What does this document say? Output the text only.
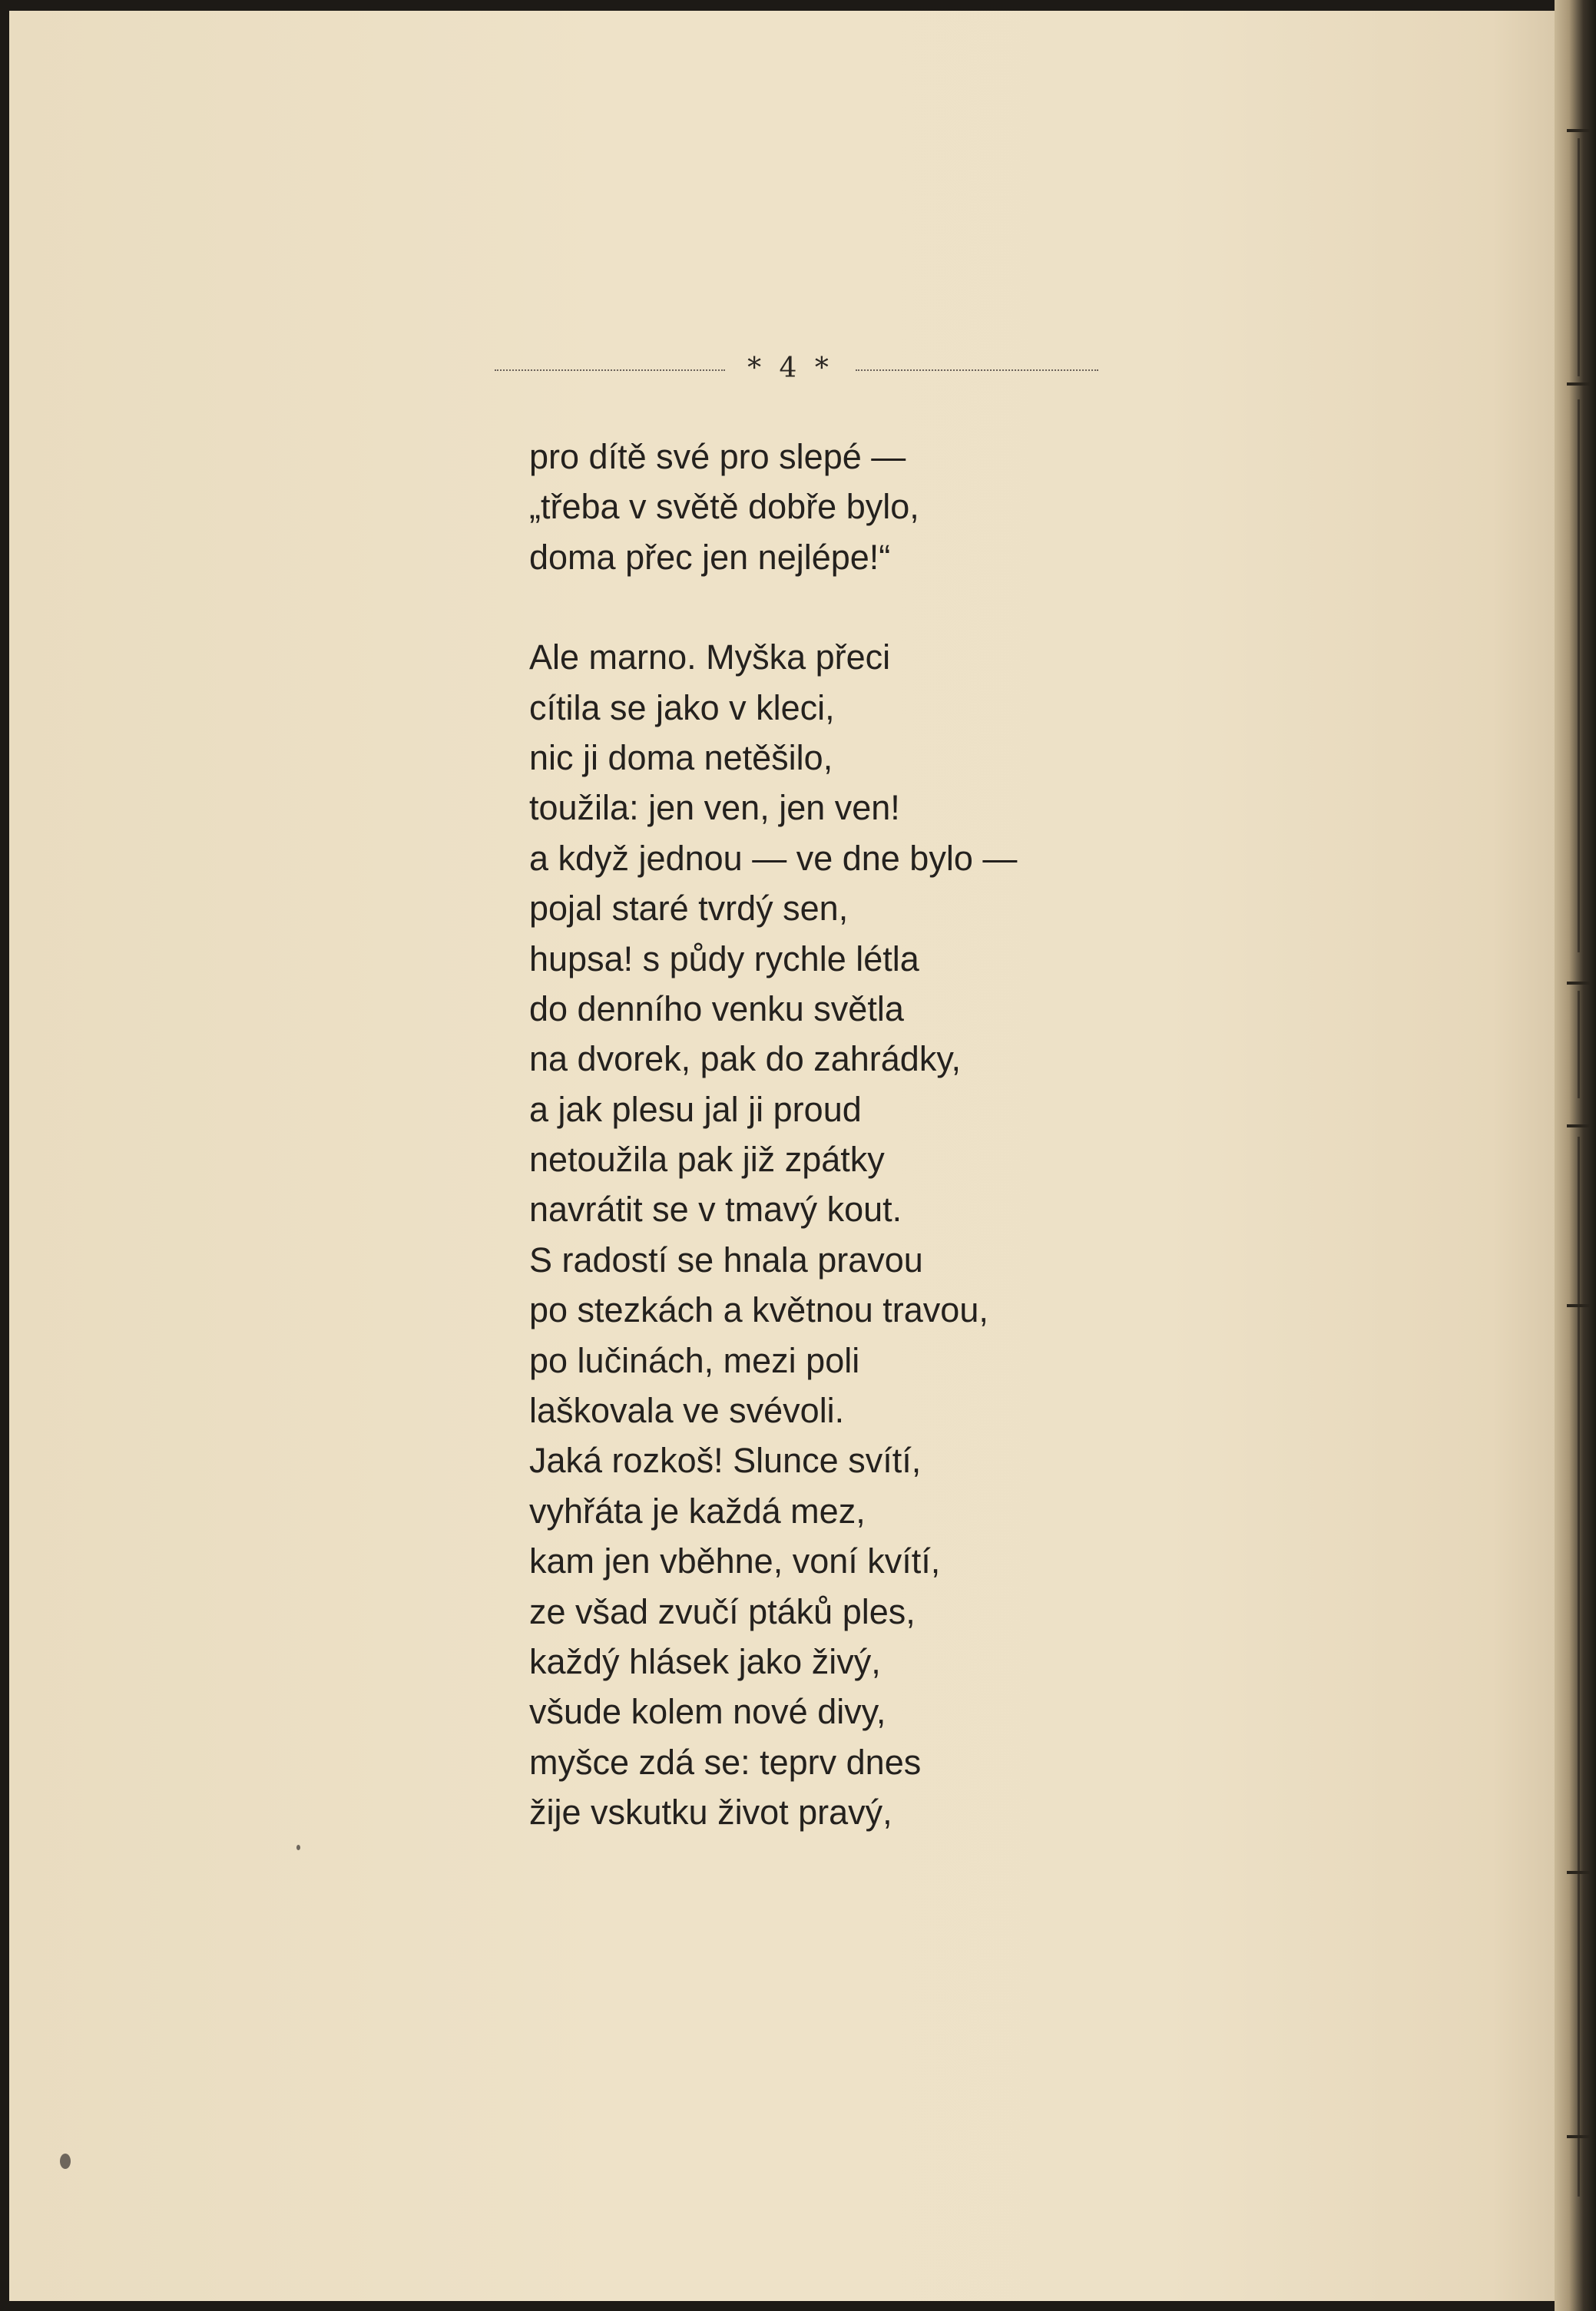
* 4 *
pro dítě své pro slepé —
„třeba v světě dobře bylo,
doma přec jen nejlépe!“
Ale marno. Myška přeci
cítila se jako v kleci,
nic ji doma netěšilo,
toužila: jen ven, jen ven!
a když jednou — ve dne bylo —
pojal staré tvrdý sen,
hupsa! s půdy rychle létla
do denního venku světla
na dvorek, pak do zahrádky,
a jak plesu jal ji proud
netoužila pak již zpátky
navrátit se v tmavý kout.
S radostí se hnala pravou
po stezkách a květnou travou,
po lučinách, mezi poli
laškovala ve svévoli.
Jaká rozkoš! Slunce svítí,
vyhřáta je každá mez,
kam jen vběhne, voní kvítí,
ze všad zvučí ptáků ples,
každý hlásek jako živý,
všude kolem nové divy,
myšce zdá se: teprv dnes
žije vskutku život pravý,
